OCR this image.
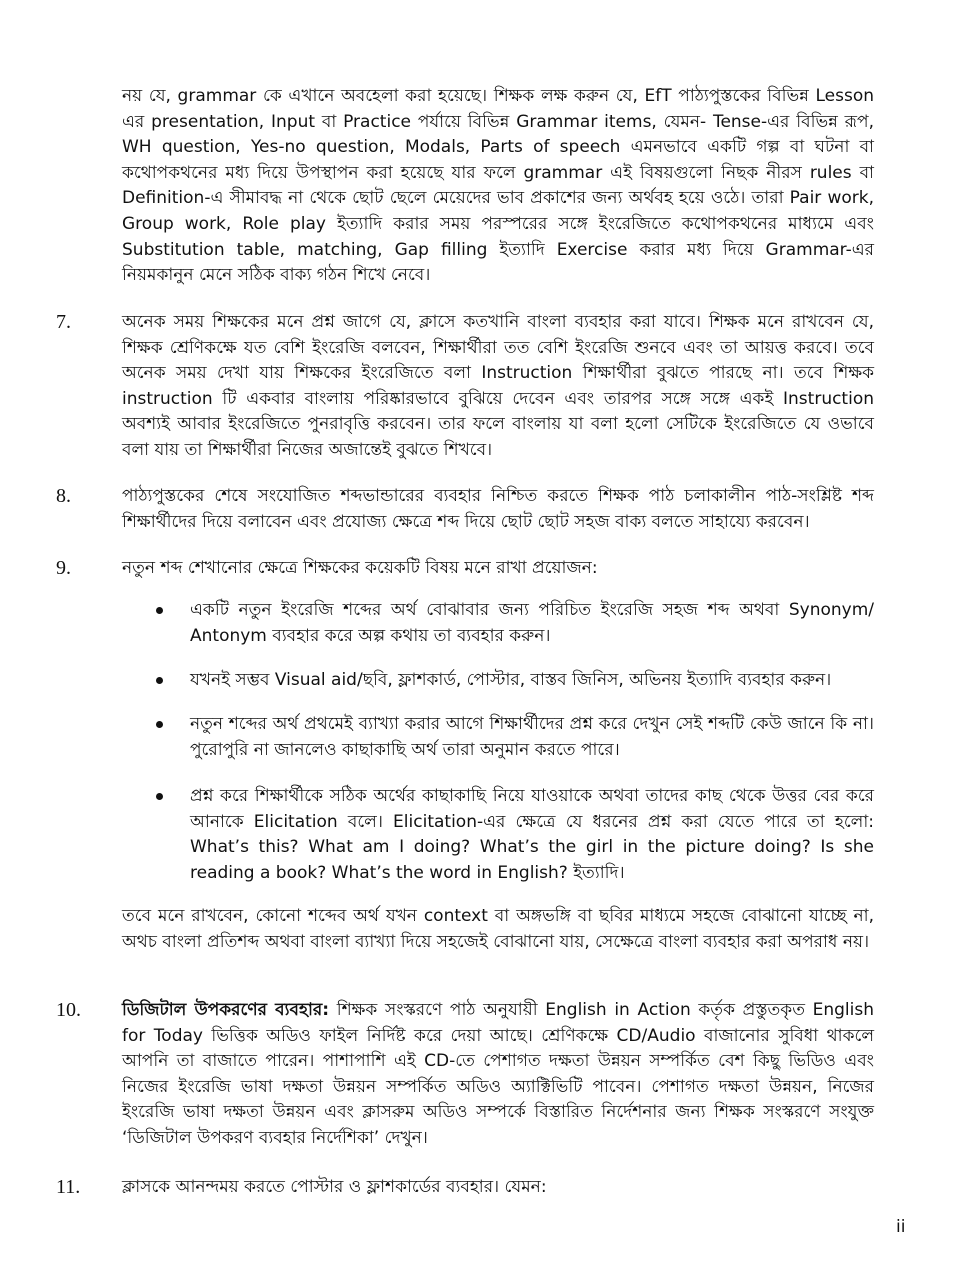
নয় যে, grammar কে এখানে অবহেলা করা হয়েছে। শিক্ষক লক্ষ করুন যে, EfT পাঠ্যপুস্তকের বিভিন্ন Lesson এর presentation, Input বা Practice পর্যায়ে বিভিন্ন Grammar items, যেমন- Tense-এর বিভিন্ন রূপ, WH question, Yes-no question, Modals, Parts of speech এমনভাবে একটি গল্প বা ঘটনা বা কথোপকথনের মধ্য দিয়ে উপস্থাপন করা হয়েছে যার ফলে grammar এই বিষয়গুলো নিছক নীরস rules বা Definition-এ সীমাবদ্ধ না থেকে ছোট ছেলে মেয়েদের ভাব প্রকাশের জন্য অর্থবহ হয়ে ওঠে। তারা Pair work, Group work, Role play ইত্যাদি করার সময় পরস্পরের সঙ্গে ইংরেজিতে কথোপকথনের মাধ্যমে এবং Substitution table, matching, Gap filling ইত্যাদি Exercise করার মধ্য দিয়ে Grammar-এর নিয়মকানুন মেনে সঠিক বাক্য গঠন শিখে নেবে।
7.	অনেক সময় শিক্ষকের মনে প্রশ্ন জাগে যে, ক্লাসে কতখানি বাংলা ব্যবহার করা যাবে। শিক্ষক মনে রাখবেন যে, শিক্ষক শ্রেণিকক্ষে যত বেশি ইংরেজি বলবেন, শিক্ষার্থীরা তত বেশি ইংরেজি শুনবে এবং তা আয়ত্ত করবে। তবে অনেক সময় দেখা যায় শিক্ষকের ইংরেজিতে বলা Instruction শিক্ষার্থীরা বুঝতে পারছে না। তবে শিক্ষক instruction টি একবার বাংলায় পরিষ্কারভাবে বুঝিয়ে দেবেন এবং তারপর সঙ্গে সঙ্গে একই Instruction অবশ্যই আবার ইংরেজিতে পুনরাবৃত্তি করবেন। তার ফলে বাংলায় যা বলা হলো সেটিকে ইংরেজিতে যে ওভাবে বলা যায় তা শিক্ষার্থীরা নিজের অজান্তেই বুঝতে শিখবে।
8.	পাঠ্যপুস্তকের শেষে সংযোজিত শব্দভান্ডারের ব্যবহার নিশ্চিত করতে শিক্ষক পাঠ চলাকালীন পাঠ-সংশ্লিষ্ট শব্দ শিক্ষার্থীদের দিয়ে বলাবেন এবং প্রযোজ্য ক্ষেত্রে শব্দ দিয়ে ছোট ছোট সহজ বাক্য বলতে সাহায্যে করবেন।
9.	নতুন শব্দ শেখানোর ক্ষেত্রে শিক্ষকের কয়েকটি বিষয় মনে রাখা প্রয়োজন:
একটি নতুন ইংরেজি শব্দের অর্থ বোঝাবার জন্য পরিচিত ইংরেজি সহজ শব্দ অথবা Synonym/ Antonym ব্যবহার করে অল্প কথায় তা ব্যবহার করুন।
যখনই সম্ভব Visual aid/ছবি, ফ্লাশকার্ড, পোস্টার, বাস্তব জিনিস, অভিনয় ইত্যাদি ব্যবহার করুন।
নতুন শব্দের অর্থ প্রথমেই ব্যাখ্যা করার আগে শিক্ষার্থীদের প্রশ্ন করে দেখুন সেই শব্দটি কেউ জানে কি না। পুরোপুরি না জানলেও কাছাকাছি অর্থ তারা অনুমান করতে পারে।
প্রশ্ন করে শিক্ষার্থীকে সঠিক অর্থের কাছাকাছি নিয়ে যাওয়াকে অথবা তাদের কাছ থেকে উত্তর বের করে আনাকে Elicitation বলে। Elicitation-এর ক্ষেত্রে যে ধরনের প্রশ্ন করা যেতে পারে তা হলো: What’s this? What am I doing? What’s the girl in the picture doing? Is she reading a book? What’s the word in English? ইত্যাদি।
তবে মনে রাখবেন, কোনো শব্দেব অর্থ যখন context বা অঙ্গভঙ্গি বা ছবির মাধ্যমে সহজে বোঝানো যাচ্ছে না, অথচ বাংলা প্রতিশব্দ অথবা বাংলা ব্যাখ্যা দিয়ে সহজেই বোঝানো যায়, সেক্ষেত্রে বাংলা ব্যবহার করা অপরাধ নয়।
10. ডিজিটাল উপকরণের ব্যবহার: শিক্ষক সংস্করণে পাঠ অনুযায়ী English in Action কর্তৃক প্রস্তুতকৃত English for Today ভিত্তিক অডিও ফাইল নির্দিষ্ট করে দেয়া আছে। শ্রেণিকক্ষে CD/Audio বাজানোর সুবিধা থাকলে আপনি তা বাজাতে পারেন। পাশাপাশি এই CD-তে পেশাগত দক্ষতা উন্নয়ন সম্পর্কিত বেশ কিছু ভিডিও এবং নিজের ইংরেজি ভাষা দক্ষতা উন্নয়ন সম্পর্কিত অডিও অ্যাক্টিভিটি পাবেন। পেশাগত দক্ষতা উন্নয়ন, নিজের ইংরেজি ভাষা দক্ষতা উন্নয়ন এবং ক্লাসরুম অডিও সম্পর্কে বিস্তারিত নির্দেশনার জন্য শিক্ষক সংস্করণে সংযুক্ত ‘ডিজিটাল উপকরণ ব্যবহার নির্দেশিকা’ দেখুন।
11. ক্লাসকে আনন্দময় করতে পোস্টার ও ফ্লাশকার্ডের ব্যবহার। যেমন:
ii
